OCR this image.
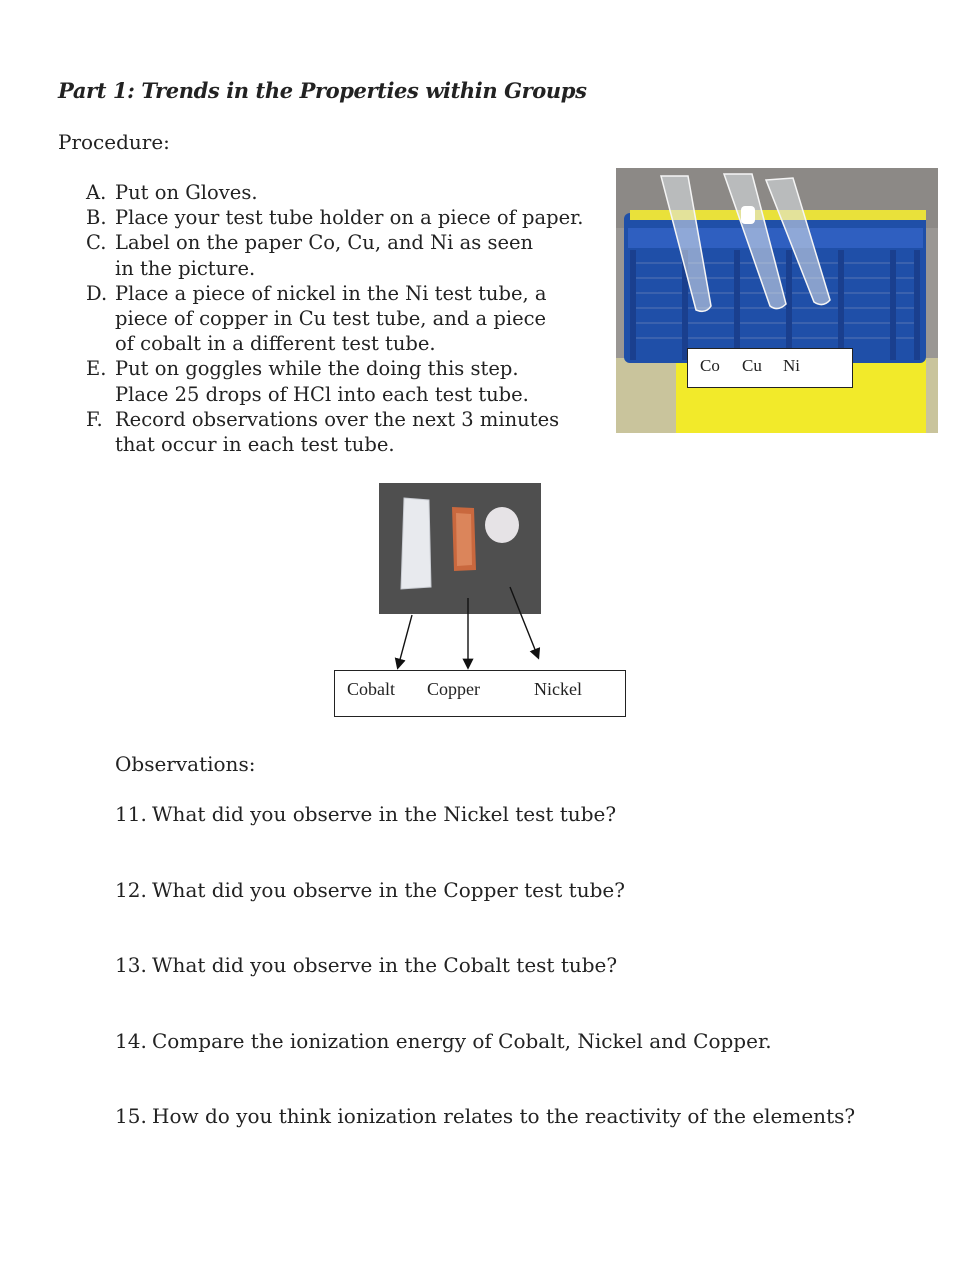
Part 1: Trends in the Properties within Groups
Procedure:
A. Put on Gloves.
B. Place your test tube holder on a piece of paper.
C. Label on the paper Co, Cu, and Ni as seen in the picture.
D. Place a piece of nickel in the Ni test tube, a piece of copper in Cu test tube, and a piece of cobalt in a different test tube.
E. Put on goggles while the doing this step. Place 25 drops of HCl into each test tube.
F. Record observations over the next 3 minutes that occur in each test tube.
Co Cu Ni
Cobalt Copper	Nickel
Observations:
11. What did you observe in the Nickel test tube?
12. What did you observe in the Copper test tube?
13. What did you observe in the Cobalt test tube?
14. Compare the ionization energy of Cobalt, Nickel and Copper.
15. How do you think ionization relates to the reactivity of the elements?
